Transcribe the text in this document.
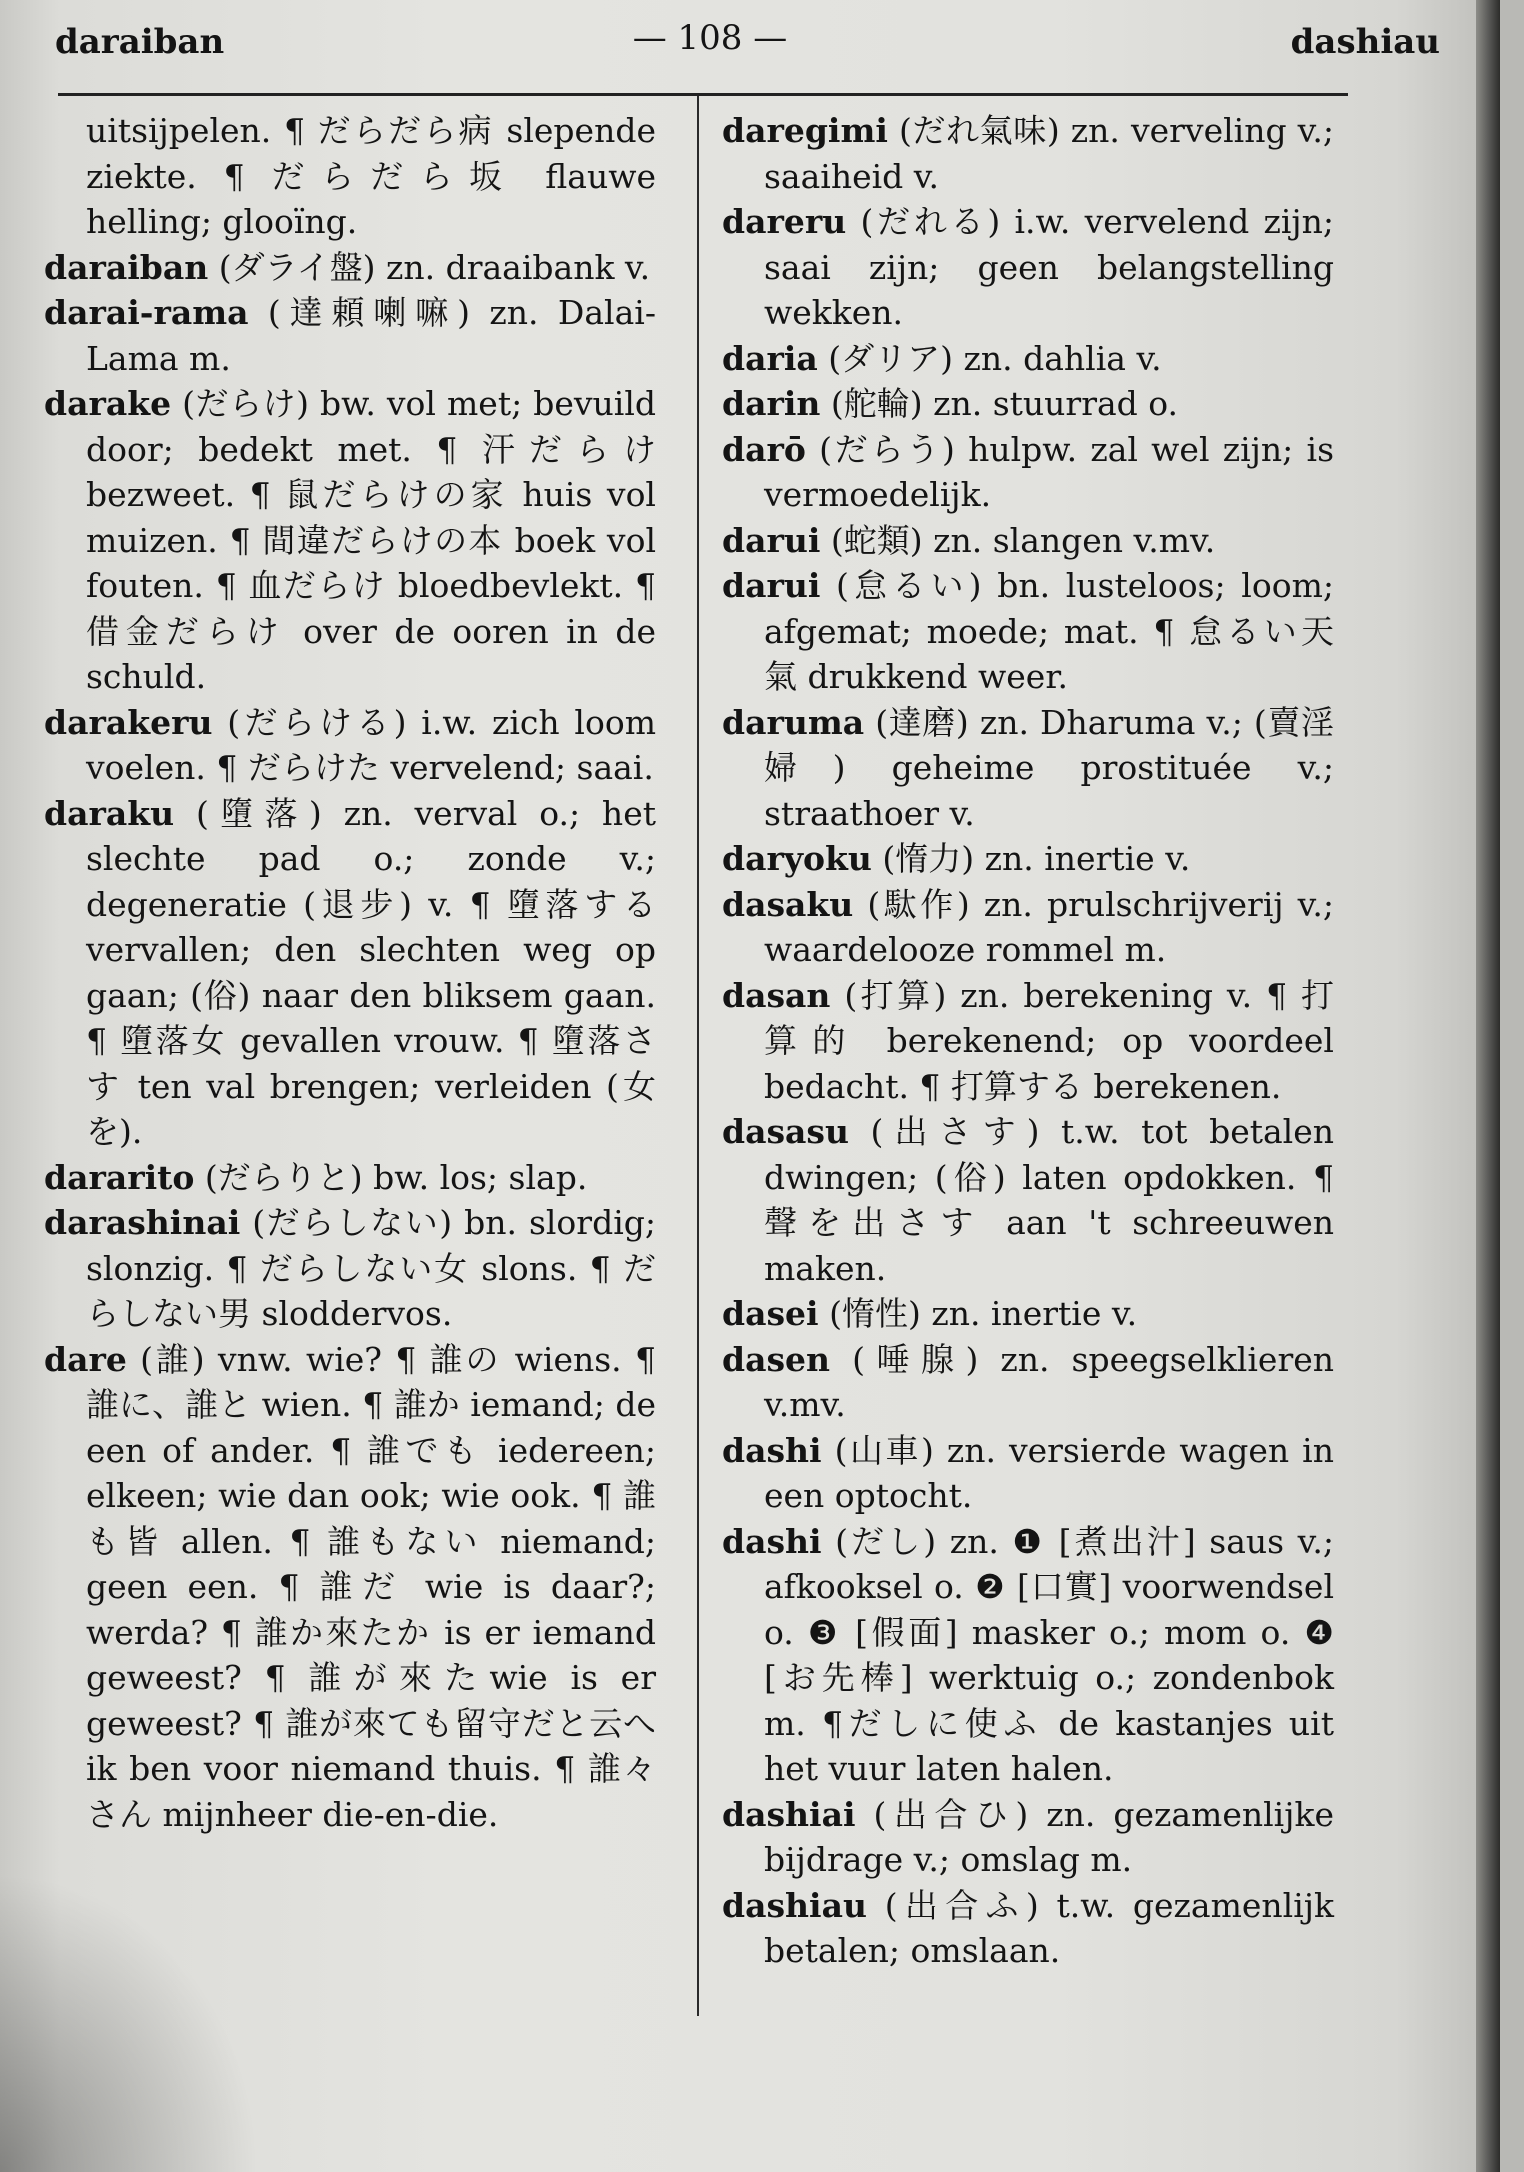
daraiban	— 108 —	dashiau

uitsijpelen. ¶ だらだら病 slepende ziekte. ¶ だらだら坂 flauwe helling; glooïng.

daraiban (ダライ盤) zn. draaibank v.

darai-rama (達頼喇嘛) zn. Dalai-Lama m.

darake (だらけ) bw. vol met; bevuild door; bedekt met. ¶ 汗だらけ bezweet. ¶ 鼠だらけの家 huis vol muizen. ¶ 間違だらけの本 boek vol fouten. ¶ 血だらけ bloedbevlekt. ¶ 借金だらけ over de ooren in de schuld.

darakeru (だらける) i.w. zich loom voelen. ¶ だらけた vervelend; saai.

daraku (墮落) zn. verval o.; het slechte pad o.; zonde v.; degeneratie (退步) v. ¶ 墮落する vervallen; den slechten weg op gaan; (俗) naar den bliksem gaan. ¶ 墮落女 gevallen vrouw. ¶ 墮落さす ten val brengen; verleiden (女を).

dararito (だらりと) bw. los; slap.

darashinai (だらしない) bn. slordig; slonzig. ¶ だらしない女 slons. ¶ だらしない男 sloddervos.

dare (誰) vnw. wie? ¶ 誰の wiens. ¶ 誰に、誰と wien. ¶ 誰か iemand; de een of ander. ¶ 誰でも iedereen; elkeen; wie dan ook; wie ook. ¶ 誰も皆 allen. ¶ 誰もない niemand; geen een. ¶ 誰だ wie is daar?; werda? ¶ 誰か來たか is er iemand geweest? ¶ 誰が來たwie is er geweest? ¶ 誰が來ても留守だと云へ ik ben voor niemand thuis. ¶ 誰々さん mijnheer die-en-die.

daregimi (だれ氣味) zn. verveling v.; saaiheid v.

dareru (だれる) i.w. vervelend zijn; saai zijn; geen belangstelling wekken.

daria (ダリア) zn. dahlia v.

darin (舵輪) zn. stuurrad o.

darō (だらう) hulpw. zal wel zijn; is vermoedelijk.

darui (蛇類) zn. slangen v.mv.

darui (怠るい) bn. lusteloos; loom; afgemat; moede; mat. ¶ 怠るい天氣 drukkend weer.

daruma (達磨) zn. Dharuma v.; (賣淫婦) geheime prostituée v.; straathoer v.

daryoku (惰力) zn. inertie v.

dasaku (駄作) zn. prulschrijverij v.; waardelooze rommel m.

dasan (打算) zn. berekening v. ¶ 打算的 berekenend; op voordeel bedacht. ¶ 打算する berekenen.

dasasu (出さす) t.w. tot betalen dwingen; (俗) laten opdokken. ¶ 聲を出さす aan 't schreeuwen maken.

dasei (惰性) zn. inertie v.

dasen (唾腺) zn. speegselklieren v.mv.

dashi (山車) zn. versierde wagen in een optocht.

dashi (だし) zn. ❶ [煮出汁] saus v.; afkooksel o. ❷ [口實] voorwendsel o. ❸ [假面] masker o.; mom o. ❹ [お先棒] werktuig o.; zondenbok m. ¶だしに使ふ de kastanjes uit het vuur laten halen.

dashiai (出合ひ) zn. gezamenlijke bijdrage v.; omslag m.

dashiau (出合ふ) t.w. gezamenlijk betalen; omslaan.
